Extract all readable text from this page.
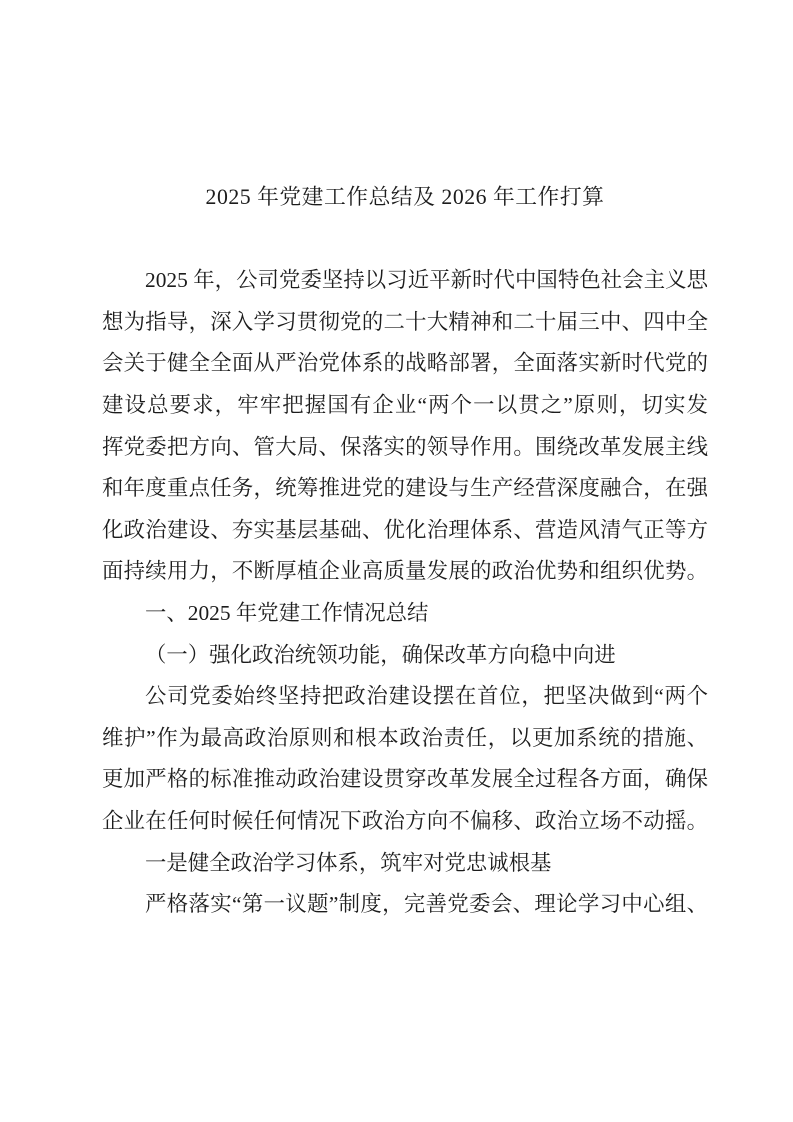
2025 年党建工作总结及 2026 年工作打算
2025 年，公司党委坚持以习近平新时代中国特色社会主义思
想为指导，深入学习贯彻党的二十大精神和二十届三中、四中全
会关于健全全面从严治党体系的战略部署，全面落实新时代党的
建设总要求，牢牢把握国有企业“两个一以贯之”原则，切实发
挥党委把方向、管大局、保落实的领导作用。围绕改革发展主线
和年度重点任务，统筹推进党的建设与生产经营深度融合，在强
化政治建设、夯实基层基础、优化治理体系、营造风清气正等方
面持续用力，不断厚植企业高质量发展的政治优势和组织优势。
一、2025 年党建工作情况总结
（一）强化政治统领功能，确保改革方向稳中向进
公司党委始终坚持把政治建设摆在首位，把坚决做到“两个
维护”作为最高政治原则和根本政治责任，以更加系统的措施、
更加严格的标准推动政治建设贯穿改革发展全过程各方面，确保
企业在任何时候任何情况下政治方向不偏移、政治立场不动摇。
一是健全政治学习体系，筑牢对党忠诚根基
严格落实“第一议题”制度，完善党委会、理论学习中心组、
